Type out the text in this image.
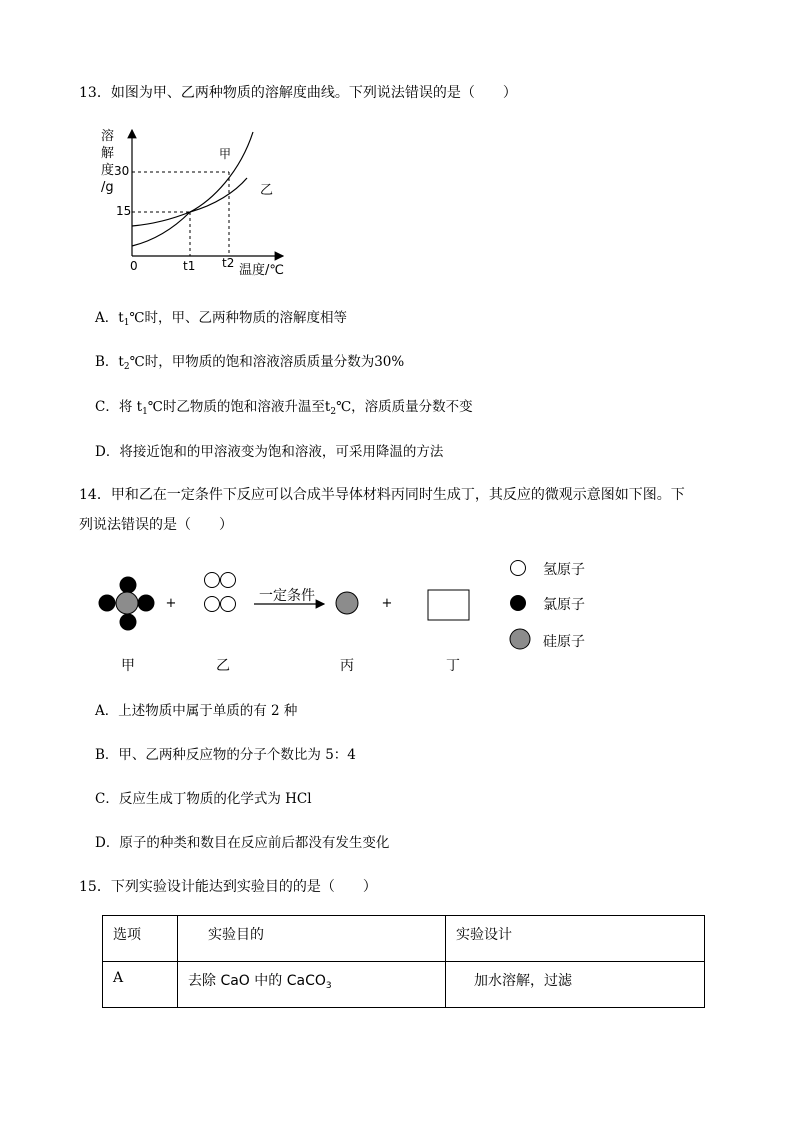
13．如图为甲、乙两种物质的溶解度曲线。下列说法错误的是（　　）
溶
解
度
/g
30
15
0	t1 t2 温度/℃
甲
乙
A．$t_1℃$时，甲、乙两种物质的溶解度相等
B．$t_2℃$时，甲物质的饱和溶液溶质质量分数为30%
C．将 $t_1℃$时乙物质的饱和溶液升温至$t_2℃$，溶质质量分数不变
D．将接近饱和的甲溶液变为饱和溶液，可采用降温的方法
14．甲和乙在一定条件下反应可以合成半导体材料丙同时生成丁，其反应的微观示意图如下图。下
列说法错误的是（　　）
+	+
一定条件
氢原子
氯原子
硅原子
甲	乙	丙	丁
A．上述物质中属于单质的有 2 种
B．甲、乙两种反应物的分子个数比为 5：4
C．反应生成丁物质的化学式为 HCl
D．原子的种类和数目在反应前后都没有发生变化
15．下列实验设计能达到实验目的的是（　　）
选项	实验目的	实验设计
A	去除 CaO 中的 CaCO$_3$	加水溶解，过滤
